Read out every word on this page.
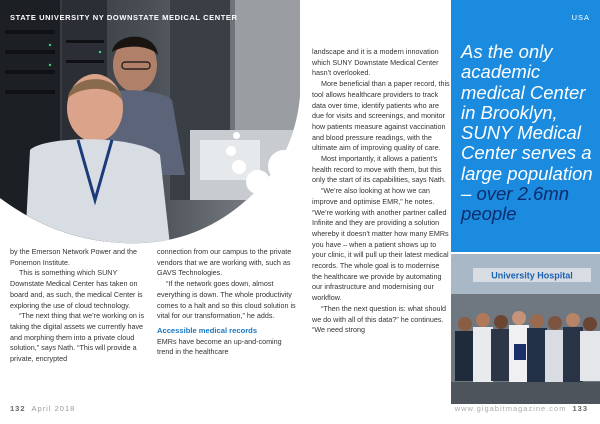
STATE UNIVERSITY NY DOWNSTATE MEDICAL CENTER

by the Emerson Network Power and the Ponemon Institute.

This is something which SUNY Downstate Medical Center has taken on board and, as such, the medical Center is exploring the use of cloud technology.

“The next thing that we’re working on is taking the digital assets we currently have and morphing them into a private cloud solution,” says Nath. “This will provide a private, encrypted

connection from our campus to the private vendors that we are working with, such as GAVS Technologies.

“If the network goes down, almost everything is down. The whole productivity comes to a halt and so this cloud solution is vital for our transformation,” he adds.

Accessible medical records

EMRs have become an up-and-coming trend in the healthcare

landscape and it is a modern innovation which SUNY Downstate Medical Center hasn’t overlooked.

More beneficial than a paper record, this tool allows healthcare providers to track data over time, identify patients who are due for visits and screenings, and monitor how patients measure against vaccination and blood pressure readings, with the ultimate aim of improving quality of care.

Most importantly, it allows a patient’s health record to move with them, but this only the start of its capabilities, says Nath.

“We’re also looking at how we can improve and optimise EMR,” he notes. “We’re working with another partner called Infinite and they are providing a solution whereby it doesn’t matter how many EMRs you have – when a patient shows up to your clinic, it will pull up their latest medical records. The whole goal is to modernise the healthcare we provide by automating our infrastructure and modernising our workflow.

“Then the next question is: what should we do with all of this data?” he continues. “We need strong

USA
As the only academic medical Center in Brooklyn, SUNY Medical Center serves a large population – over 2.6mn people
University Hospital
132 April 2018	www.gigabitmagazine.com 133
